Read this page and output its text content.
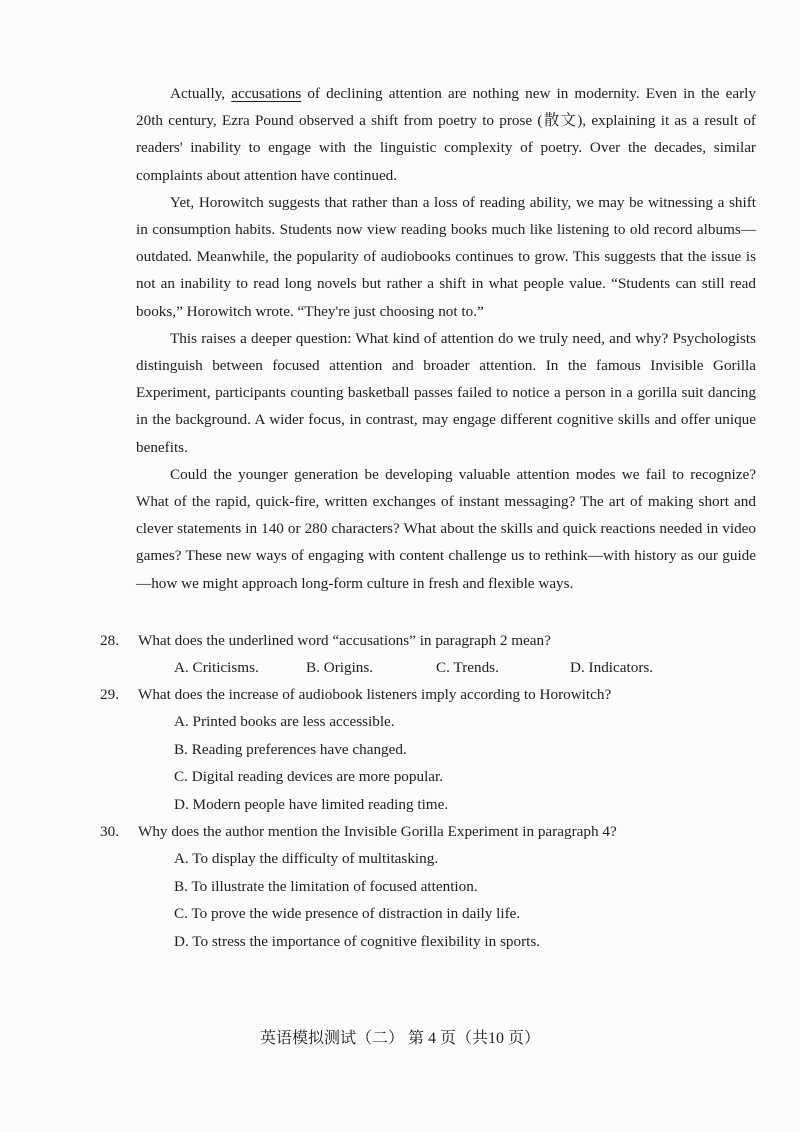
Actually, accusations of declining attention are nothing new in modernity. Even in the early 20th century, Ezra Pound observed a shift from poetry to prose (散文), explaining it as a result of readers' inability to engage with the linguistic complexity of poetry. Over the decades, similar complaints about attention have continued.

Yet, Horowitch suggests that rather than a loss of reading ability, we may be witnessing a shift in consumption habits. Students now view reading books much like listening to old record albums—outdated. Meanwhile, the popularity of audiobooks continues to grow. This suggests that the issue is not an inability to read long novels but rather a shift in what people value. “Students can still read books,” Horowitch wrote. “They're just choosing not to.”

This raises a deeper question: What kind of attention do we truly need, and why? Psychologists distinguish between focused attention and broader attention. In the famous Invisible Gorilla Experiment, participants counting basketball passes failed to notice a person in a gorilla suit dancing in the background. A wider focus, in contrast, may engage different cognitive skills and offer unique benefits.

Could the younger generation be developing valuable attention modes we fail to recognize? What of the rapid, quick-fire, written exchanges of instant messaging? The art of making short and clever statements in 140 or 280 characters? What about the skills and quick reactions needed in video games? These new ways of engaging with content challenge us to rethink—with history as our guide—how we might approach long-form culture in fresh and flexible ways.

28. What does the underlined word “accusations” in paragraph 2 mean?

A. Criticisms.	B. Origins.	C. Trends.	D. Indicators.

29. What does the increase of audiobook listeners imply according to Horowitch?

A. Printed books are less accessible.

B. Reading preferences have changed.

C. Digital reading devices are more popular.

D. Modern people have limited reading time.

30. Why does the author mention the Invisible Gorilla Experiment in paragraph 4?

A. To display the difficulty of multitasking.

B. To illustrate the limitation of focused attention.

C. To prove the wide presence of distraction in daily life.

D. To stress the importance of cognitive flexibility in sports.

英语模拟测试（二） 第 4 页（共10 页）
